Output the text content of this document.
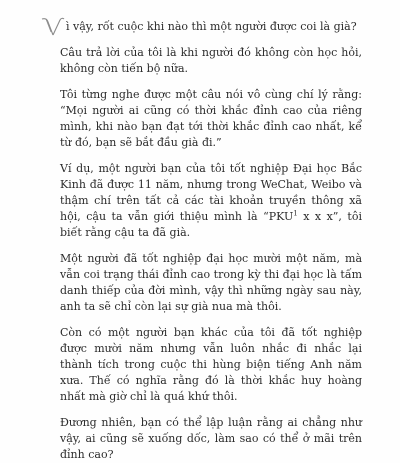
ì vậy, rốt cuộc khi nào thì một người được coi là già?

Câu trả lời của tôi là khi người đó không còn học hỏi, không còn tiến bộ nữa.

Tôi từng nghe được một câu nói vô cùng chí lý rằng: “Mọi người ai cũng có thời khắc đỉnh cao của riêng mình, khi nào bạn đạt tới thời khắc đỉnh cao nhất, kể từ đó, bạn sẽ bắt đầu già đi.”

Ví dụ, một người bạn của tôi tốt nghiệp Đại học Bắc Kinh đã được 11 năm, nhưng trong WeChat, Weibo và thậm chí trên tất cả các tài khoản truyền thông xã hội, cậu ta vẫn giới thiệu mình là “PKU$^1$ x x x”, tôi biết rằng cậu ta đã già.

Một người đã tốt nghiệp đại học mười một năm, mà vẫn coi trạng thái đỉnh cao trong kỳ thi đại học là tấm danh thiếp của đời mình, vậy thì những ngày sau này, anh ta sẽ chỉ còn lại sự già nua mà thôi.

Còn có một người bạn khác của tôi đã tốt nghiệp được mười năm nhưng vẫn luôn nhắc đi nhắc lại thành tích trong cuộc thi hùng biện tiếng Anh năm xưa. Thế có nghĩa rằng đó là thời khắc huy hoàng nhất mà giờ chỉ là quá khứ thôi.

Đương nhiên, bạn có thể lập luận rằng ai chẳng như vậy, ai cũng sẽ xuống dốc, làm sao có thể ở mãi trên đỉnh cao?
